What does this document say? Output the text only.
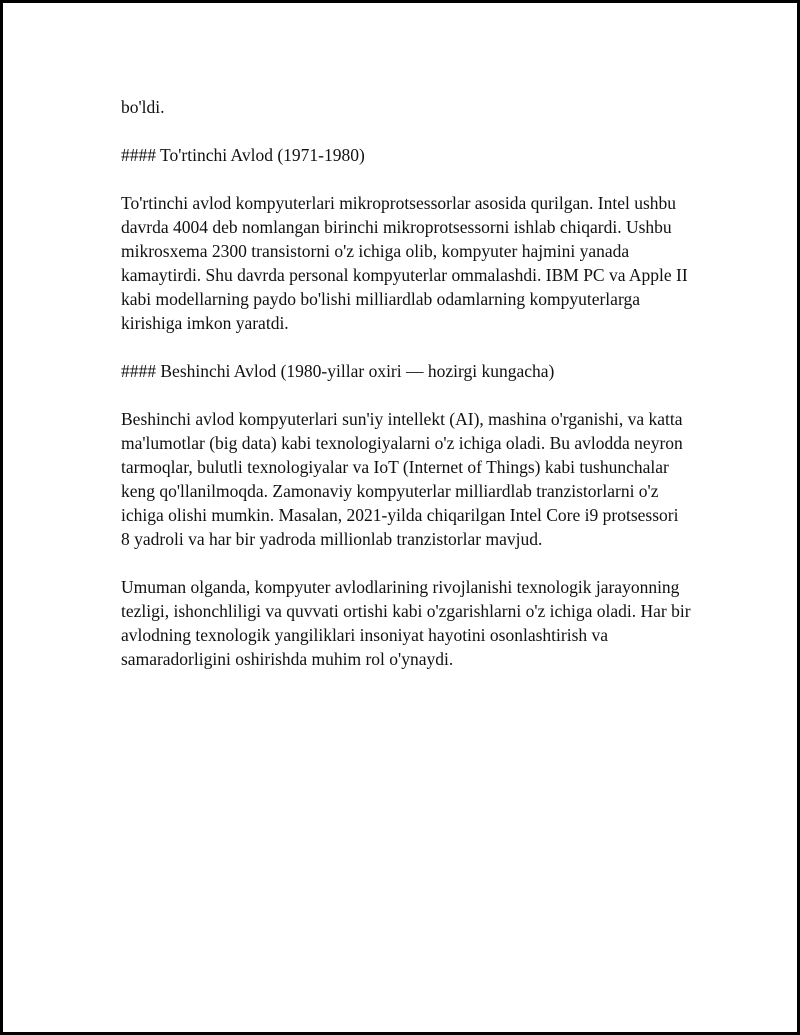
bo'ldi.

#### To'rtinchi Avlod (1971-1980)

To'rtinchi avlod kompyuterlari mikroprotsessorlar asosida qurilgan. Intel ushbu davrda 4004 deb nomlangan birinchi mikroprotsessorni ishlab chiqardi. Ushbu mikrosxema 2300 transistorni o'z ichiga olib, kompyuter hajmini yanada kamaytirdi. Shu davrda personal kompyuterlar ommalashdi. IBM PC va Apple II kabi modellarning paydo bo'lishi milliardlab odamlarning kompyuterlarga kirishiga imkon yaratdi.

#### Beshinchi Avlod (1980-yillar oxiri — hozirgi kungacha)

Beshinchi avlod kompyuterlari sun'iy intellekt (AI), mashina o'rganishi, va katta ma'lumotlar (big data) kabi texnologiyalarni o'z ichiga oladi. Bu avlodda neyron tarmoqlar, bulutli texnologiyalar va IoT (Internet of Things) kabi tushunchalar keng qo'llanilmoqda. Zamonaviy kompyuterlar milliardlab tranzistorlarni o'z ichiga olishi mumkin. Masalan, 2021-yilda chiqarilgan Intel Core i9 protsessori 8 yadroli va har bir yadroda millionlab tranzistorlar mavjud.

Umuman olganda, kompyuter avlodlarining rivojlanishi texnologik jarayonning tezligi, ishonchliligi va quvvati ortishi kabi o'zgarishlarni o'z ichiga oladi. Har bir avlodning texnologik yangiliklari insoniyat hayotini osonlashtirish va samaradorligini oshirishda muhim rol o'ynaydi.
